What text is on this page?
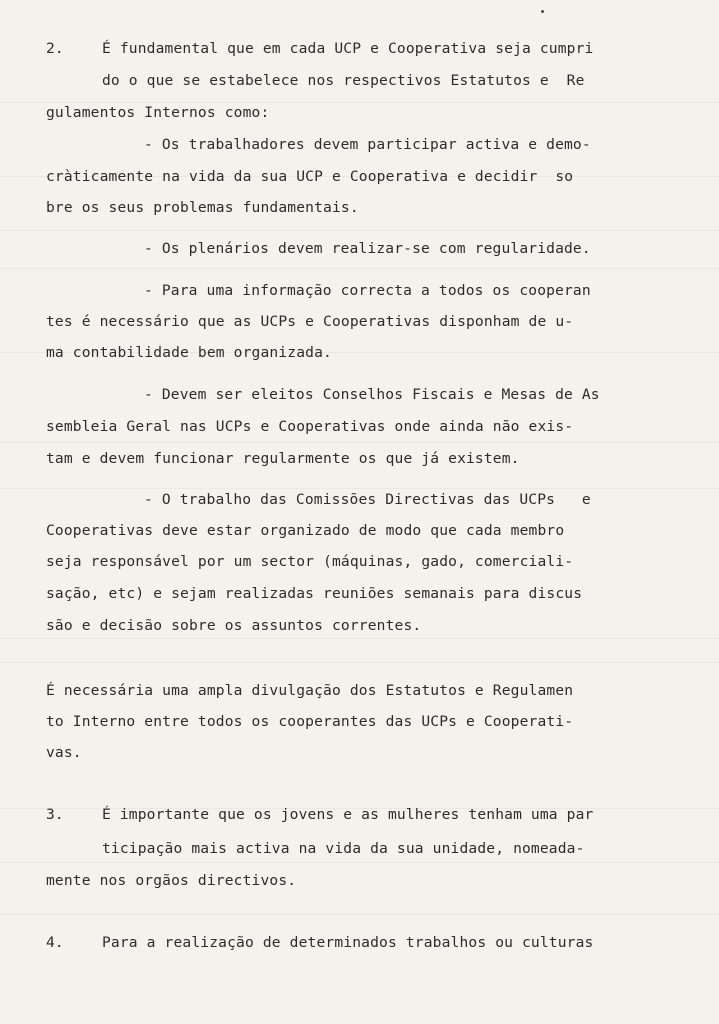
2.	É fundamental que em cada UCP e Cooperativa seja cumpri
do o que se estabelece nos respectivos Estatutos e  Re
gulamentos Internos como:
- Os trabalhadores devem participar activa e demo-
cràticamente na vida da sua UCP e Cooperativa e decidir  so
bre os seus problemas fundamentais.
- Os plenários devem realizar-se com regularidade.
- Para uma informação correcta a todos os cooperan
tes é necessário que as UCPs e Cooperativas disponham de u-
ma contabilidade bem organizada.
- Devem ser eleitos Conselhos Fiscais e Mesas de As
sembleia Geral nas UCPs e Cooperativas onde ainda não exis-
tam e devem funcionar regularmente os que já existem.
- O trabalho das Comissões Directivas das UCPs   e
Cooperativas deve estar organizado de modo que cada membro
seja responsável por um sector (máquinas, gado, comerciali-
sação, etc) e sejam realizadas reuniões semanais para discus
são e decisão sobre os assuntos correntes.
É necessária uma ampla divulgação dos Estatutos e Regulamen
to Interno entre todos os cooperantes das UCPs e Cooperati-
vas.
3.	É importante que os jovens e as mulheres tenham uma par
ticipação mais activa na vida da sua unidade, nomeada-
mente nos orgãos directivos.
4.	Para a realização de determinados trabalhos ou culturas
